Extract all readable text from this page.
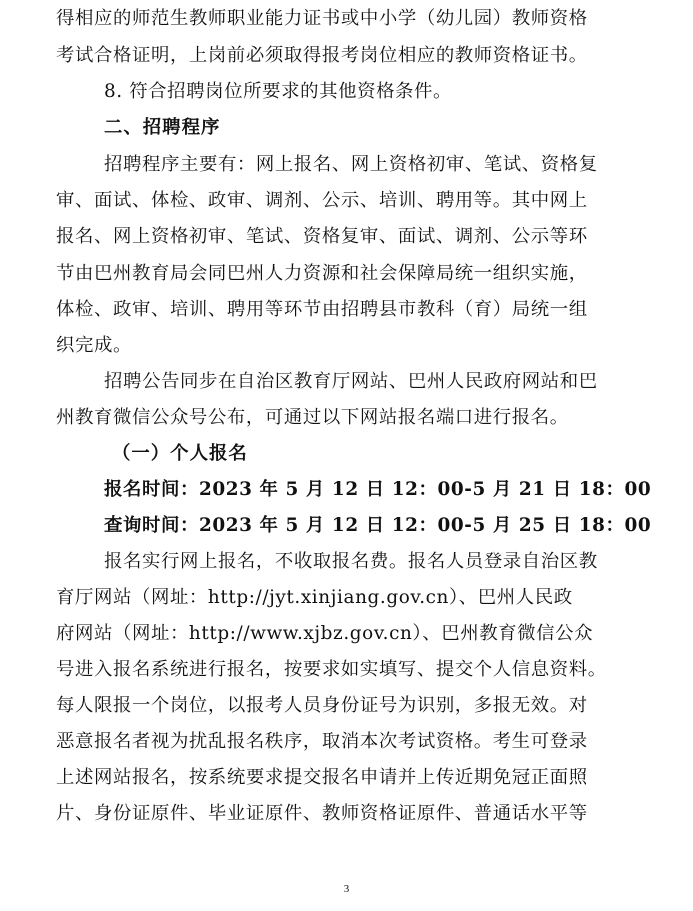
得相应的师范生教师职业能力证书或中小学（幼儿园）教师资格
考试合格证明，上岗前必须取得报考岗位相应的教师资格证书。
8. 符合招聘岗位所要求的其他资格条件。
二、招聘程序
招聘程序主要有：网上报名、网上资格初审、笔试、资格复
审、面试、体检、政审、调剂、公示、培训、聘用等。其中网上
报名、网上资格初审、笔试、资格复审、面试、调剂、公示等环
节由巴州教育局会同巴州人力资源和社会保障局统一组织实施，
体检、政审、培训、聘用等环节由招聘县市教科（育）局统一组
织完成。
招聘公告同步在自治区教育厅网站、巴州人民政府网站和巴
州教育微信公众号公布，可通过以下网站报名端口进行报名。
（一）个人报名
报名时间：2023 年 5 月 12 日 12：00-5 月 21 日 18：00
查询时间：2023 年 5 月 12 日 12：00-5 月 25 日 18：00
报名实行网上报名，不收取报名费。报名人员登录自治区教
育厅网站（网址：http://jyt.xinjiang.gov.cn）、巴州人民政
府网站（网址：http://www.xjbz.gov.cn）、巴州教育微信公众
号进入报名系统进行报名，按要求如实填写、提交个人信息资料。
每人限报一个岗位，以报考人员身份证号为识别，多报无效。对
恶意报名者视为扰乱报名秩序，取消本次考试资格。考生可登录
上述网站报名，按系统要求提交报名申请并上传近期免冠正面照
片、身份证原件、毕业证原件、教师资格证原件、普通话水平等
3
